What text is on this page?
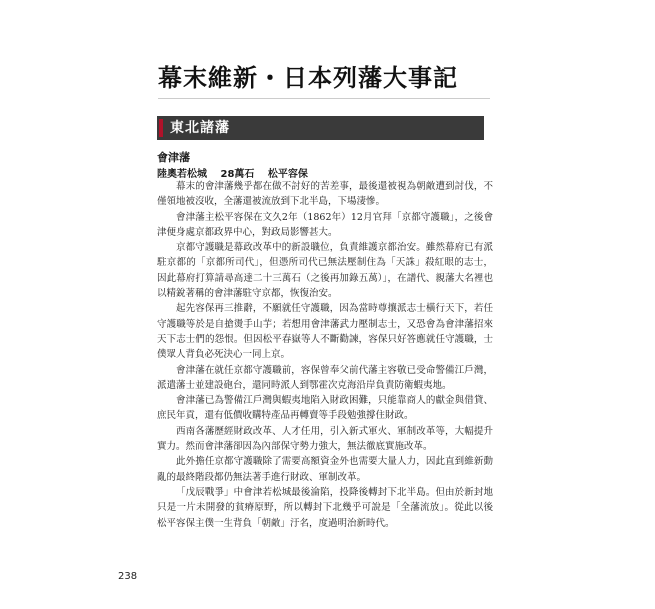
幕末維新・日本列藩大事記
東北諸藩
會津藩
陸奧若松城 28萬石 松平容保

幕末的會津藩幾乎都在做不討好的苦差事，最後還被視為朝敵遭到討伐，不僅領地被沒收，全藩還被流放到下北半島，下場淒慘。

會津藩主松平容保在文久2年（1862年）12月官拜「京都守護職」，之後會津便身處京都政界中心，對政局影響甚大。

京都守護職是幕政改革中的新設職位，負責維護京都治安。雖然幕府已有派駐京都的「京都所司代」，但憑所司代已無法壓制住為「天誅」殺紅眼的志士，因此幕府打算請尋高達二十三萬石（之後再加錄五萬）」，在譜代、親藩大名裡也以精銳著稱的會津藩駐守京都，恢復治安。

起先容保再三推辭，不願就任守護職，因為當時尊攘派志士橫行天下，若任守護職等於是自搶燙手山芋；若想用會津藩武力壓制志士，又恐會為會津藩招來天下志士們的怨恨。但因松平春嶽等人不斷勸諫，容保只好答應就任守護職，士僕眾人背負必死決心一同上京。

會津藩在就任京都守護職前，容保曾奉父前代藩主容敬已受命警備江戶灣，派遣藩士並建設砲台，還同時派人到鄂霍次克海沿岸負責防衛蝦夷地。

會津藩已為警備江戶灣與蝦夷地陷入財政困難，只能靠商人的獻金與借貸、庶民年貢，還有低價收購特產品再轉賣等手段勉強撐住財政。

西南各藩歷經財政改革、人才任用，引入新式軍火、軍制改革等，大幅提升實力。然而會津藩卻因為內部保守勢力強大，無法徹底實施改革。

此外擔任京都守護職除了需要高額資金外也需要大量人力，因此直到維新動亂的最終階段都仍無法著手進行財政、軍制改革。

「戊辰戰爭」中會津若松城最後淪陷，投降後轉封下北半島。但由於新封地只是一片未開發的貧瘠原野，所以轉封下北幾乎可說是「全藩流放」。從此以後松平容保主僕一生背負「朝敵」汙名，度過明治新時代。

238
